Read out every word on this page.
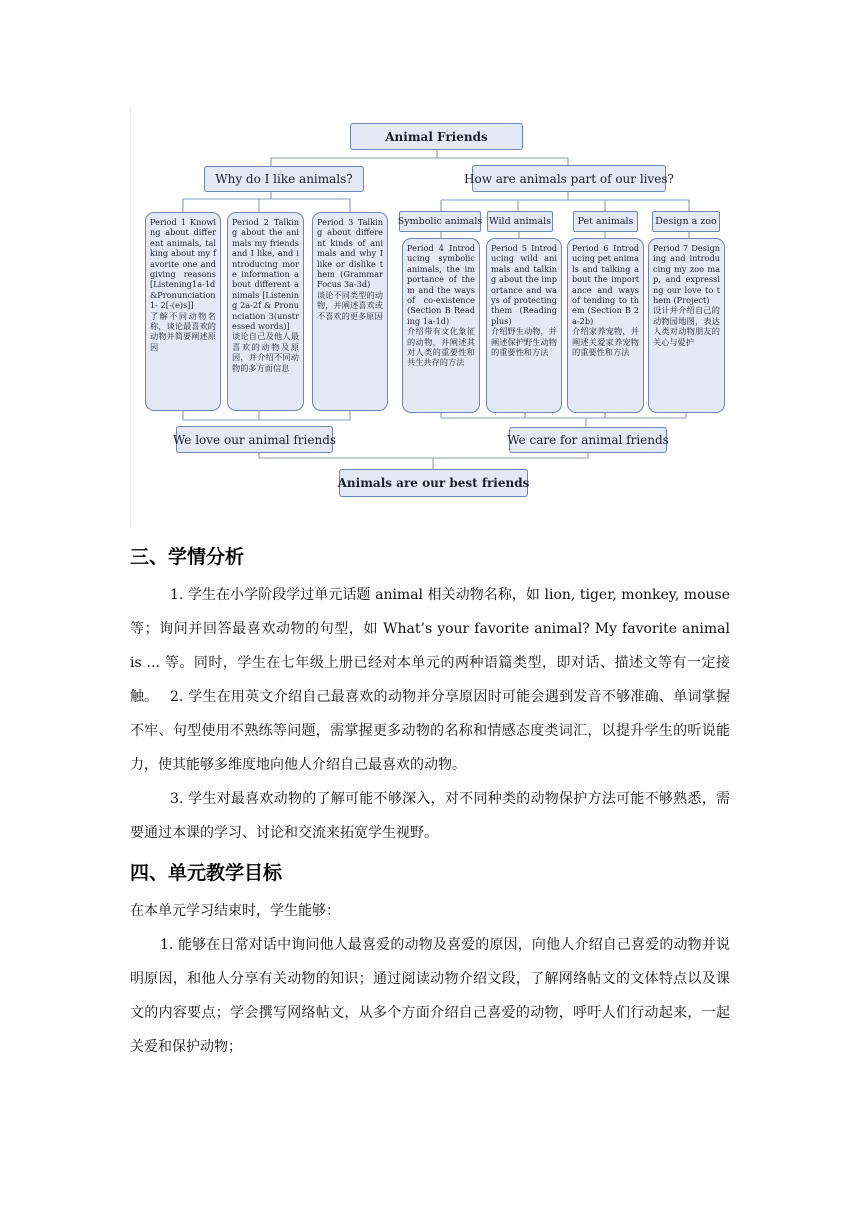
Animal Friends
Why do I like animals?	How are animals part of our lives?
Symbolic animals Wild animals	Pet animals	Design a zoo
Period 1 Knowing about different animals, talking about my favorite one and giving reasons [Listening1a-1d&Pronunciation1- 2[-(e)s]]
了解不同动物名称，谈论最喜欢的动物并简要阐述原因
Period 2 Talking about the animals my friends and I like, and introducing more information about different animals [Listening 2a-2f & Pronunciation 3(unstressed words)]
谈论自己及他人最喜欢的动物及原因，并介绍不同动物的多方面信息
Period 3 Talking about different kinds of animals and why I like or dislike them (Grammar Focus 3a-3d)
谈论不同类型的动物，并阐述喜欢或不喜欢的更多原因
Period 4 Introducing symbolic animals, the importance of them and the ways of co-existence (Section B Reading 1a-1d)
介绍带有文化象征的动物，并阐述其对人类的重要性和共生共存的方法
Period 5 Introducing wild animals and talking about the importance and ways of protecting them (Reading plus)
介绍野生动物，并阐述保护野生动物的重要性和方法
Period 6 Introducing pet animals and talking about the importance and ways of tending to them (Section B 2a-2b)
介绍家养宠物，并阐述关爱家养宠物的重要性和方法
Period 7 Designing and introducing my zoo map, and expressing our love to them (Project)
设计并介绍自己的动物园地图，表达人类对动物朋友的关心与爱护
We love our animal friends	We care for animal friends
Animals are our best friends
三、学情分析
1. 学生在小学阶段学过单元话题 animal 相关动物名称，如 lion, tiger, monkey, mouse 等；询问并回答最喜欢动物的句型，如 What’s your favorite animal? My favorite animal is ... 等。同时，学生在七年级上册已经对本单元的两种语篇类型，即对话、描述文等有一定接触。 2. 学生在用英文介绍自己最喜欢的动物并分享原因时可能会遇到发音不够准确、单词掌握不牢、句型使用不熟练等问题，需掌握更多动物的名称和情感态度类词汇，以提升学生的听说能力，使其能够多维度地向他人介绍自己最喜欢的动物。
3. 学生对最喜欢动物的了解可能不够深入，对不同种类的动物保护方法可能不够熟悉，需要通过本课的学习、讨论和交流来拓宽学生视野。
四、单元教学目标
在本单元学习结束时，学生能够：
1. 能够在日常对话中询问他人最喜爱的动物及喜爱的原因，向他人介绍自己喜爱的动物并说明原因，和他人分享有关动物的知识；通过阅读动物介绍文段，了解网络帖文的文体特点以及课文的内容要点；学会撰写网络帖文，从多个方面介绍自己喜爱的动物，呼吁人们行动起来，一起关爱和保护动物；
